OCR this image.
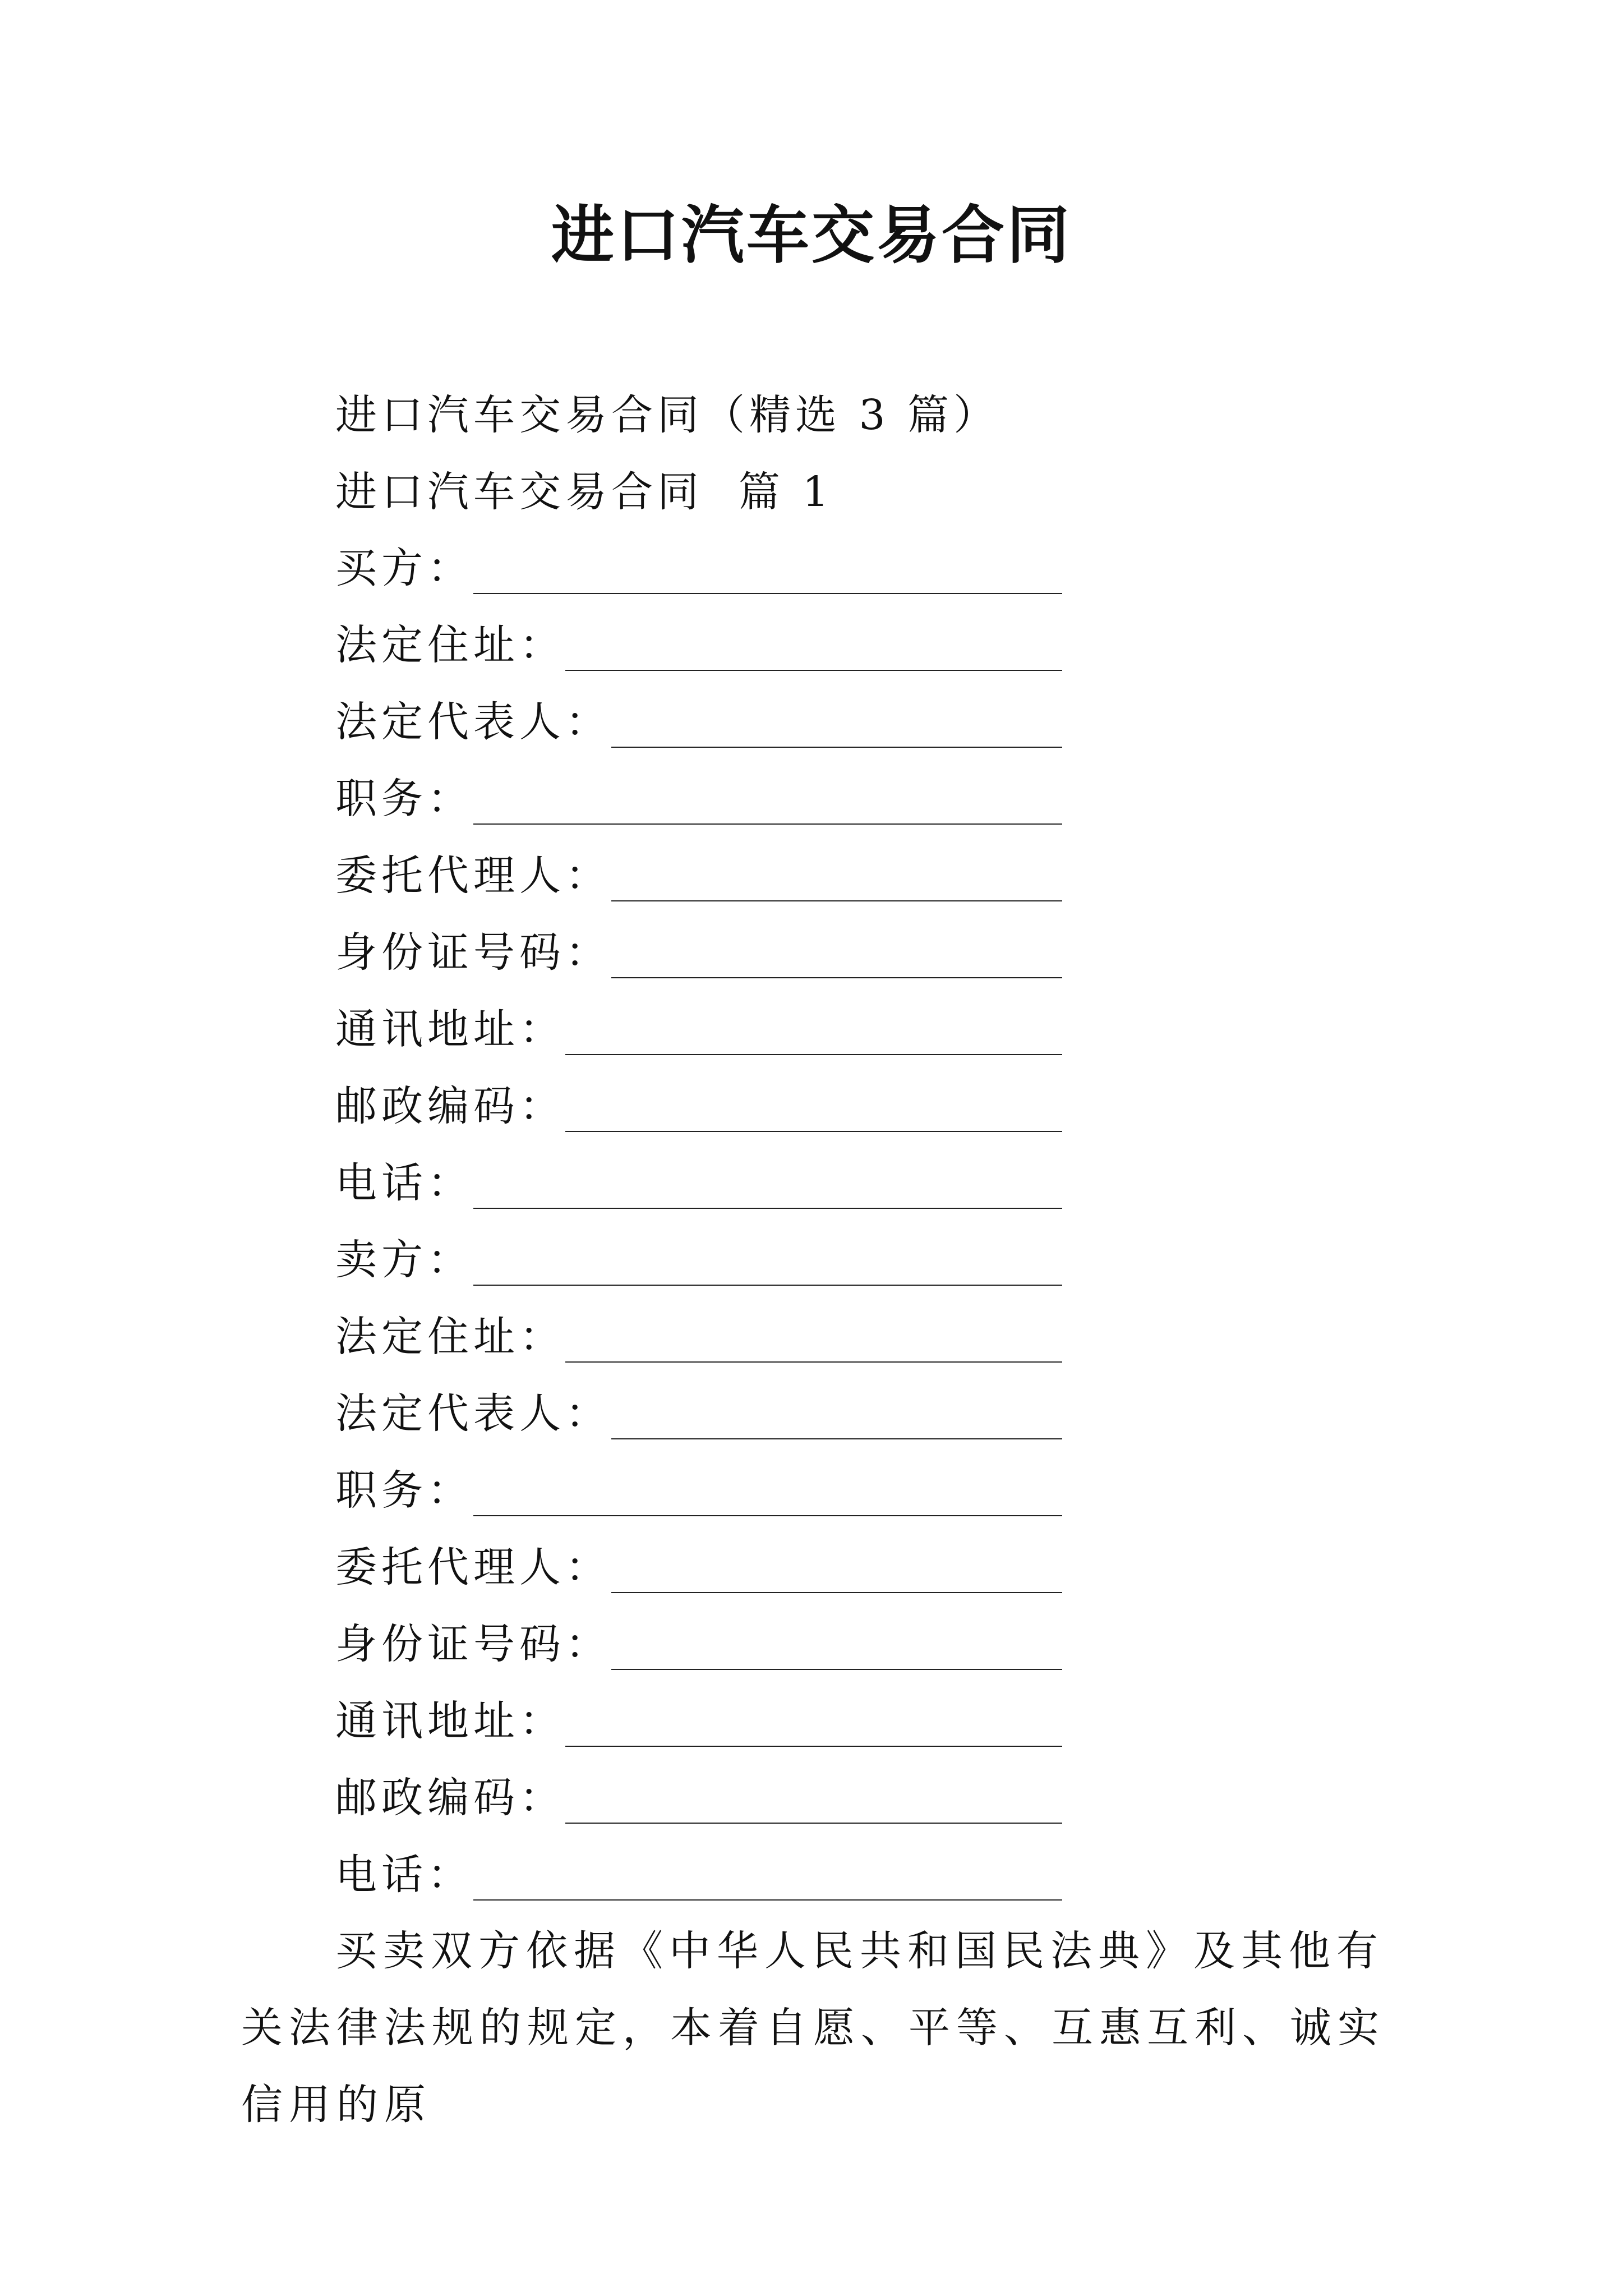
进口汽车交易合同
进口汽车交易合同（精选 3 篇）
进口汽车交易合同  篇 1
买方：
法定住址：
法定代表人：
职务：
委托代理人：
身份证号码：
通讯地址：
邮政编码：
电话：
卖方：
法定住址：
法定代表人：
职务：
委托代理人：
身份证号码：
通讯地址：
邮政编码：
电话：

买卖双方依据《中华人民共和国民法典》及其他有关法律法规的规定，本着自愿、平等、互惠互利、诚实信用的原
